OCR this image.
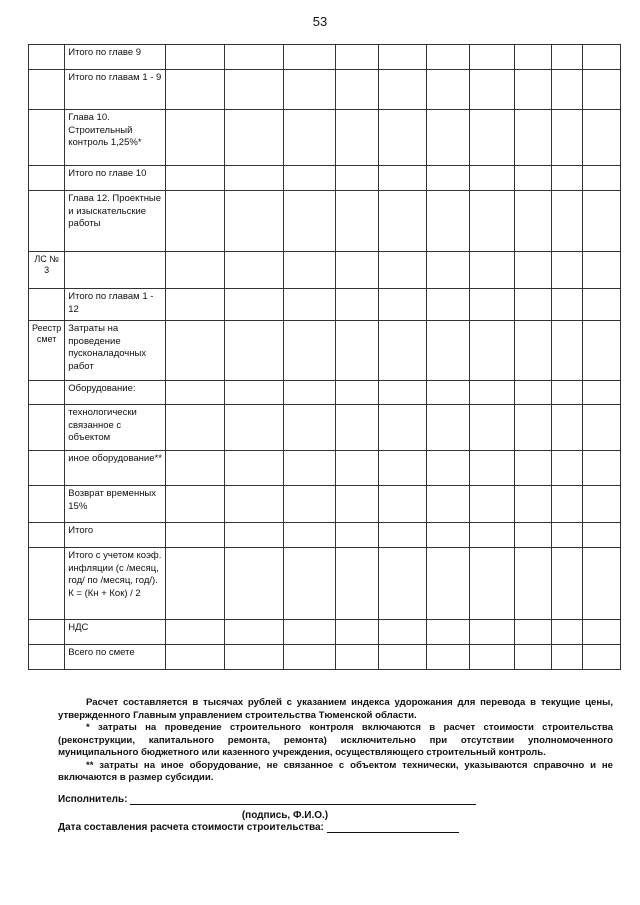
53
	Итого по главе 9										
	Итого по главам 1 - 9										
	Глава 10. Строительный контроль 1,25%*										
	Итого по главе 10										
	Глава 12. Проектные и изыскательские работы										
ЛС № 3											
	Итого по главам 1 - 12										
Реестр смет	Затраты на проведение пусконаладочных работ										
	Оборудование:										
	технологически связанное с объектом										
	иное оборудование**										
	Возврат временных 15%										
	Итого										
	Итого с учетом коэф. инфляции (с /месяц, год/ по /месяц, год/). К = (Кн + Кок) / 2										
	НДС										
	Всего по смете										

Расчет составляется в тысячах рублей с указанием индекса удорожания для перевода в текущие цены, утвержденного Главным управлением строительства Тюменской области.

* затраты на проведение строительного контроля включаются в расчет стоимости строительства (реконструкции, капитального ремонта, ремонта) исключительно при отсутствии уполномоченного муниципального бюджетного или казенного учреждения, осуществляющего строительный контроль.

** затраты на иное оборудование, не связанное с объектом технически, указываются справочно и не включаются в размер субсидии.

Исполнитель:
(подпись, Ф.И.О.)
Дата составления расчета стоимости строительства:
